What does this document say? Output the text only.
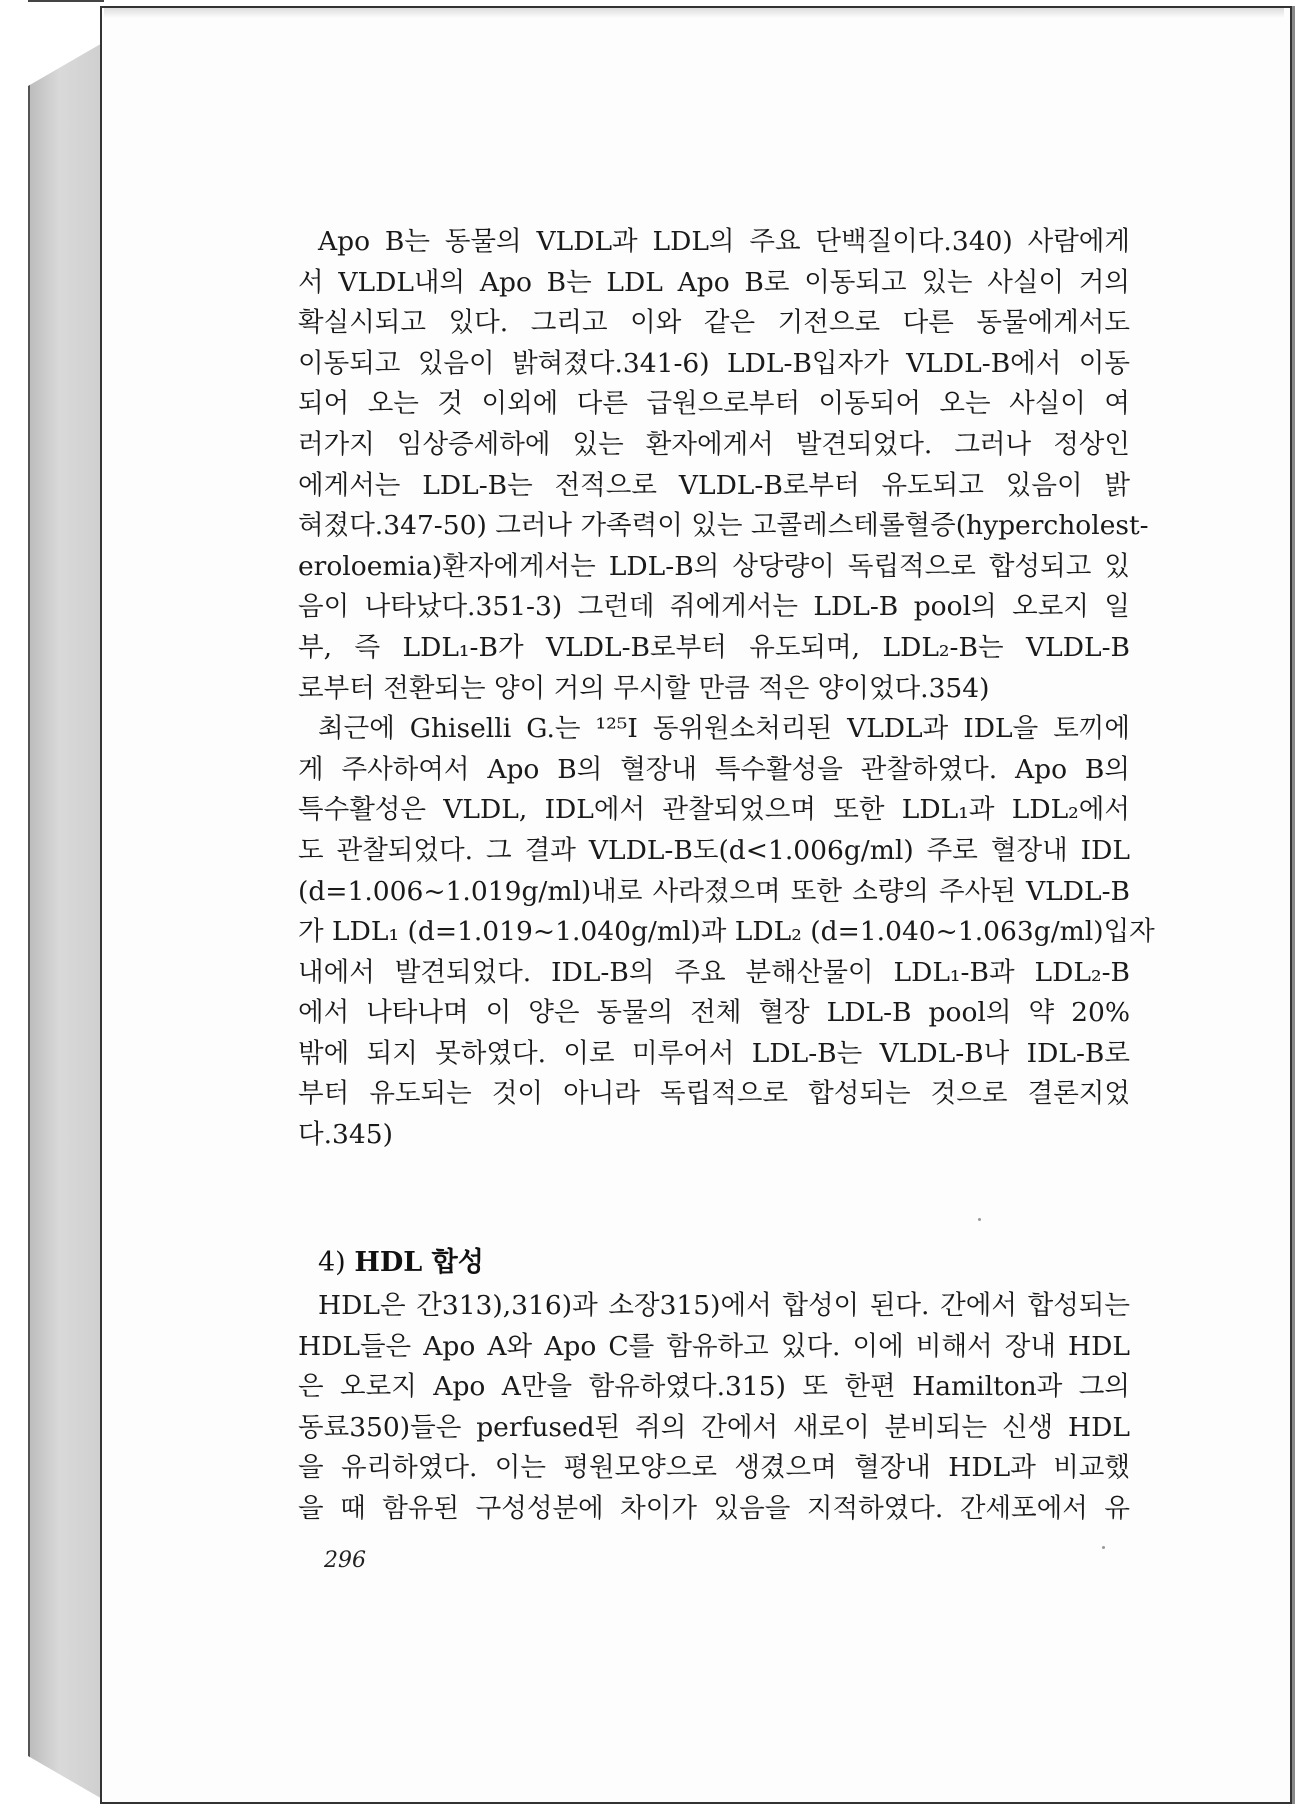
Apo B는 동물의 VLDL과 LDL의 주요 단백질이다.340) 사람에게
서 VLDL내의 Apo B는 LDL Apo B로 이동되고 있는 사실이 거의
확실시되고 있다. 그리고 이와 같은 기전으로 다른 동물에게서도
이동되고 있음이 밝혀졌다.341-6) LDL-B입자가 VLDL-B에서 이동
되어 오는 것 이외에 다른 급원으로부터 이동되어 오는 사실이 여
러가지 임상증세하에 있는 환자에게서 발견되었다. 그러나 정상인
에게서는 LDL-B는 전적으로 VLDL-B로부터 유도되고 있음이 밝
혀졌다.347-50) 그러나 가족력이 있는 고콜레스테롤혈증(hypercholest-
eroloemia)환자에게서는 LDL-B의 상당량이 독립적으로 합성되고 있
음이 나타났다.351-3) 그런데 쥐에게서는 LDL-B pool의 오로지 일
부, 즉 LDL₁-B가 VLDL-B로부터 유도되며, LDL₂-B는 VLDL-B
로부터 전환되는 양이 거의 무시할 만큼 적은 양이었다.354)
최근에 Ghiselli G.는 ¹²⁵I 동위원소처리된 VLDL과 IDL을 토끼에
게 주사하여서 Apo B의 혈장내 특수활성을 관찰하였다. Apo B의
특수활성은 VLDL, IDL에서 관찰되었으며 또한 LDL₁과 LDL₂에서
도 관찰되었다. 그 결과 VLDL-B도(d<1.006g/ml) 주로 혈장내 IDL
(d=1.006~1.019g/ml)내로 사라졌으며 또한 소량의 주사된 VLDL-B
가 LDL₁ (d=1.019~1.040g/ml)과 LDL₂ (d=1.040~1.063g/ml)입자
내에서 발견되었다. IDL-B의 주요 분해산물이 LDL₁-B과 LDL₂-B
에서 나타나며 이 양은 동물의 전체 혈장 LDL-B pool의 약 20%
밖에 되지 못하였다. 이로 미루어서 LDL-B는 VLDL-B나 IDL-B로
부터 유도되는 것이 아니라 독립적으로 합성되는 것으로 결론지었
다.345)
4) HDL 합성
HDL은 간313),316)과 소장315)에서 합성이 된다. 간에서 합성되는
HDL들은 Apo A와 Apo C를 함유하고 있다. 이에 비해서 장내 HDL
은 오로지 Apo A만을 함유하였다.315) 또 한편 Hamilton과 그의
동료350)들은 perfused된 쥐의 간에서 새로이 분비되는 신생 HDL
을 유리하였다. 이는 평원모양으로 생겼으며 혈장내 HDL과 비교했
을 때 함유된 구성성분에 차이가 있음을 지적하였다. 간세포에서 유
296
